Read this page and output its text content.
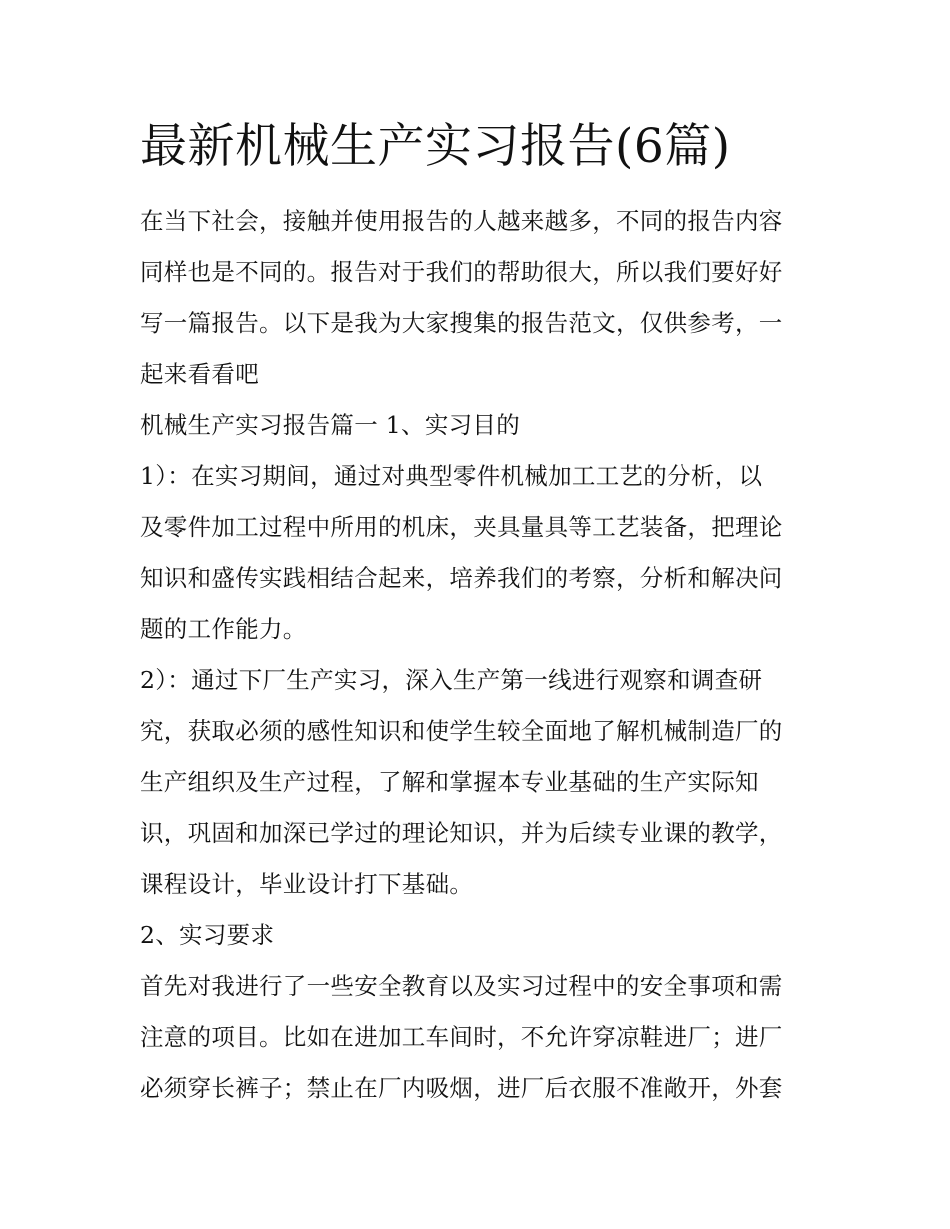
最新机械生产实习报告(6篇)
在当下社会，接触并使用报告的人越来越多，不同的报告内容
同样也是不同的。报告对于我们的帮助很大，所以我们要好好
写一篇报告。以下是我为大家搜集的报告范文，仅供参考，一
起来看看吧
机械生产实习报告篇一 1、实习目的
1）：在实习期间，通过对典型零件机械加工工艺的分析，以
及零件加工过程中所用的机床，夹具量具等工艺装备，把理论
知识和盛传实践相结合起来，培养我们的考察，分析和解决问
题的工作能力。
2）：通过下厂生产实习，深入生产第一线进行观察和调查研
究，获取必须的感性知识和使学生较全面地了解机械制造厂的
生产组织及生产过程，了解和掌握本专业基础的生产实际知
识，巩固和加深已学过的理论知识，并为后续专业课的教学，
课程设计，毕业设计打下基础。
2、实习要求
首先对我进行了一些安全教育以及实习过程中的安全事项和需
注意的项目。比如在进加工车间时，不允许穿凉鞋进厂；进厂
必须穿长裤子；禁止在厂内吸烟，进厂后衣服不准敞开，外套
